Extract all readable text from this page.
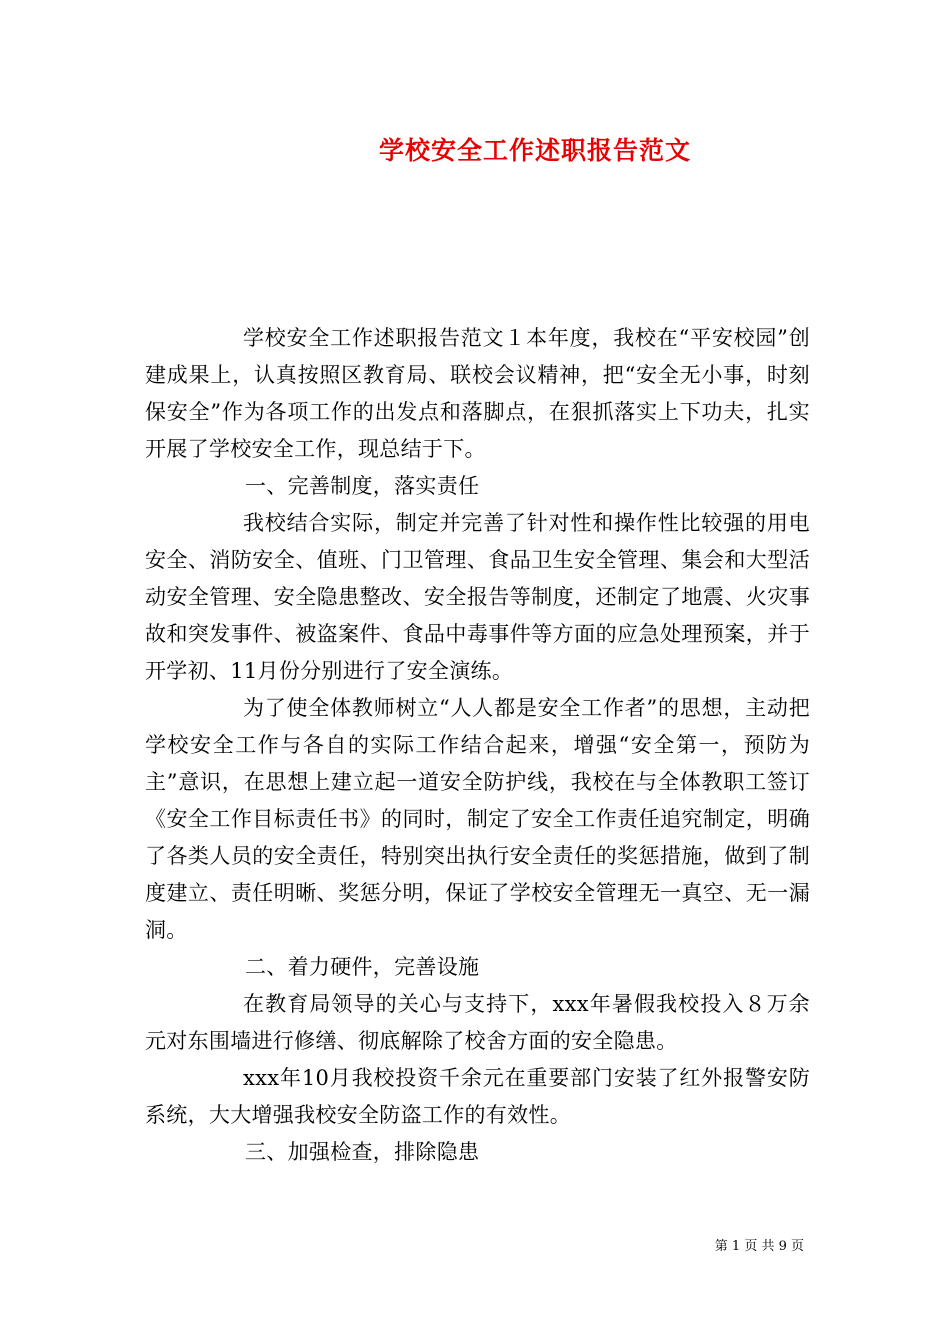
学校安全工作述职报告范文

学校安全工作述职报告范文１本年度，我校在“平安校园”创建成果上，认真按照区教育局、联校会议精神，把“安全无小事，时刻保安全”作为各项工作的出发点和落脚点，在狠抓落实上下功夫，扎实开展了学校安全工作，现总结于下。

一、完善制度，落实责任

我校结合实际，制定并完善了针对性和操作性比较强的用电安全、消防安全、值班、门卫管理、食品卫生安全管理、集会和大型活动安全管理、安全隐患整改、安全报告等制度，还制定了地震、火灾事故和突发事件、被盗案件、食品中毒事件等方面的应急处理预案，并于开学初、11月份分别进行了安全演练。

为了使全体教师树立“人人都是安全工作者”的思想，主动把学校安全工作与各自的实际工作结合起来，增强“安全第一，预防为主”意识，在思想上建立起一道安全防护线，我校在与全体教职工签订《安全工作目标责任书》的同时，制定了安全工作责任追究制定，明确了各类人员的安全责任，特别突出执行安全责任的奖惩措施，做到了制度建立、责任明晰、奖惩分明，保证了学校安全管理无一真空、无一漏洞。

二、着力硬件，完善设施

在教育局领导的关心与支持下，xxx年暑假我校投入８万余元对东围墙进行修缮、彻底解除了校舍方面的安全隐患。

xxx年10月我校投资千余元在重要部门安装了红外报警安防系统，大大增强我校安全防盗工作的有效性。

三、加强检查，排除隐患

第 1 页 共 9 页
